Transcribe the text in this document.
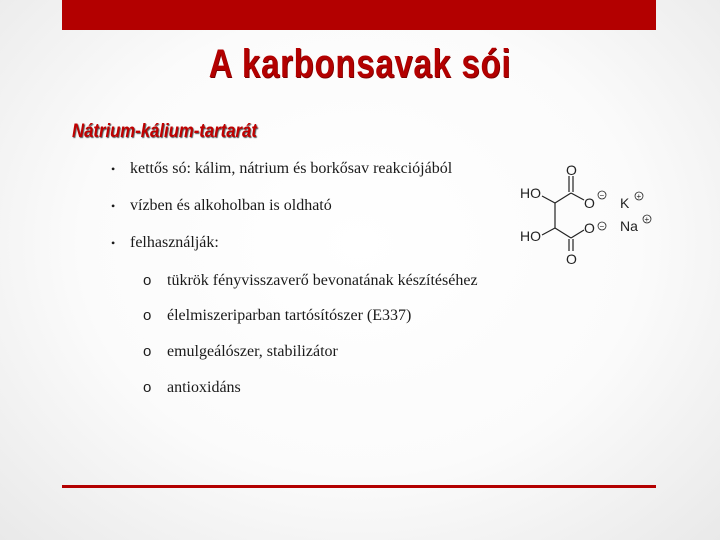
A karbonsavak sói
Nátrium-kálium-tartarát
• kettős só: kálim, nátrium és borkősav reakciójából
• vízben és alkoholban is oldható
• felhasználják:
o tükrök fényvisszaverő bevonatának készítéséhez
o élelmiszeriparban tartósítószer (E337)
o emulgeálószer, stabilizátor
o antioxidáns
O
O
HO
HO
O
O
−
−
K +
Na +
